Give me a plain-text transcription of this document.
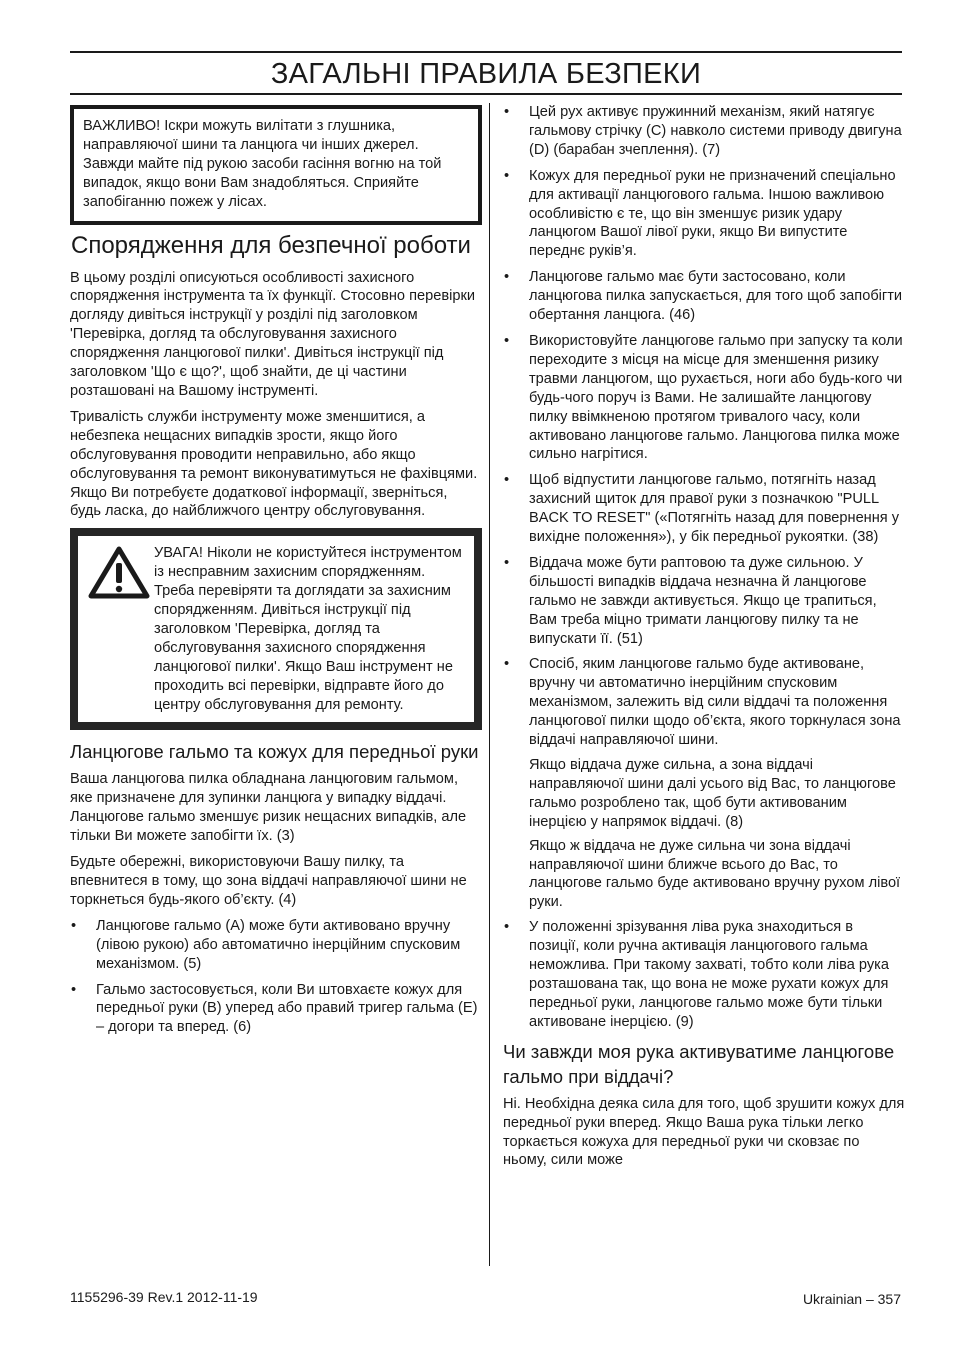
ЗАГАЛЬНІ ПРАВИЛА БЕЗПЕКИ

ВАЖЛИВО! Іскри можуть вилітати з глушника, направляючої шини та ланцюга чи інших джерел. Завжди майте під рукою засоби гасіння вогню на той випадок, якщо вони Вам знадобляться. Сприяйте запобіганню пожеж у лісах.

Спорядження для безпечної роботи

В цьому розділі описуються особливості захисного спорядження інструмента та їх функції. Стосовно перевірки догляду дивіться інструкції у розділі під заголовком 'Перевірка, догляд та обслуговування захисного спорядження ланцюгової пилки'. Дивіться інструкції під заголовком 'Що є що?', щоб знайти, де ці частини розташовані на Вашому інструменті.

Тривалість служби інструменту може зменшитися, а небезпека нещасних випадків зрости, якщо його обслуговування проводити неправильно, або якщо обслуговування та ремонт виконуватимуться не фахівцями. Якщо Ви потребуєте додаткової інформації, зверніться, будь ласка, до найближчого центру обслуговування.

УВАГА! Ніколи не користуйтеся інструментом із несправним захисним спорядженням. Треба перевіряти та доглядати за захисним спорядженням. Дивіться інструкції під заголовком 'Перевірка, догляд та обслуговування захисного спорядження ланцюгової пилки'. Якщо Ваш інструмент не проходить всі перевірки, відправте його до центру обслуговування для ремонту.

Ланцюгове гальмо та кожух для передньої руки

Ваша ланцюгова пилка обладнана ланцюговим гальмом, яке призначене для зупинки ланцюга у випадку віддачі. Ланцюгове гальмо зменшує ризик нещасних випадків, але тільки Ви можете запобігти їх. (3)

Будьте обережні, використовуючи Вашу пилку, та впевнитеся в тому, що зона віддачі направляючої шини не торкнеться будь-якого об’єкту. (4)

• Ланцюгове гальмо (A) може бути активовано вручну (лівою рукою) або автоматично інерційним спусковим механізмом. (5)
• Гальмо застосовується, коли Ви штовхаєте кожух для передньої руки (B) уперед або правий тригер гальма (E) – догори та вперед. (6)
• Цей рух активує пружинний механізм, який натягує гальмову стрічку (C) навколо системи приводу двигуна (D) (барабан зчеплення). (7)
• Кожух для передньої руки не призначений спеціально для активації ланцюгового гальма. Іншою важливою особливістю є те, що він зменшує ризик удару ланцюгом Вашої лівої руки, якщо Ви випустите переднє руків’я.
• Ланцюгове гальмо має бути застосовано, коли ланцюгова пилка запускається, для того щоб запобігти обертання ланцюга. (46)
• Використовуйте ланцюгове гальмо при запуску та коли переходите з місця на місце для зменшення ризику травми ланцюгом, що рухається, ноги або будь-кого чи будь-чого поруч із Вами. Не залишайте ланцюгову пилку ввімкненою протягом тривалого часу, коли активовано ланцюгове гальмо. Ланцюгова пилка може сильно нагрітися.
• Щоб відпустити ланцюгове гальмо, потягніть назад захисний щиток для правої руки з позначкою "PULL BACK TO RESET" («Потягніть назад для повернення у вихідне положення»), у бік передньої рукоятки. (38)
• Віддача може бути раптовою та дуже сильною. У більшості випадків віддача незначна й ланцюгове гальмо не завжди активується. Якщо це трапиться, Вам треба міцно тримати ланцюгову пилку та не випускати її. (51)
• Спосіб, яким ланцюгове гальмо буде активоване, вручну чи автоматично інерційним спусковим механізмом, залежить від сили віддачі та положення ланцюгової пилки щодо об’єкта, якого торкнулася зона віддачі направляючої шини.

Якщо віддача дуже сильна, а зона віддачі направляючої шини далі усього від Вас, то ланцюгове гальмо розроблено так, щоб бути активованим інерцією у напрямок віддачі. (8)

Якщо ж віддача не дуже сильна чи зона віддачі направляючої шини ближче всього до Вас, то ланцюгове гальмо буде активовано вручну рухом лівої руки.

• У положенні зрізування ліва рука знаходиться в позиції, коли ручна активація ланцюгового гальма неможлива. При такому захваті, тобто коли ліва рука розташована так, що вона не може рухати кожух для передньої руки, ланцюгове гальмо може бути тільки активоване інерцією. (9)
Чи завжди моя рука активуватиме ланцюгове гальмо при віддачі?

Ні. Необхідна деяка сила для того, щоб зрушити кожух для передньої руки вперед. Якщо Ваша рука тільки легко торкається кожуха для передньої руки чи сковзає по ньому, сили може

1155296-39 Rev.1 2012-11-19	Ukrainian – 357
